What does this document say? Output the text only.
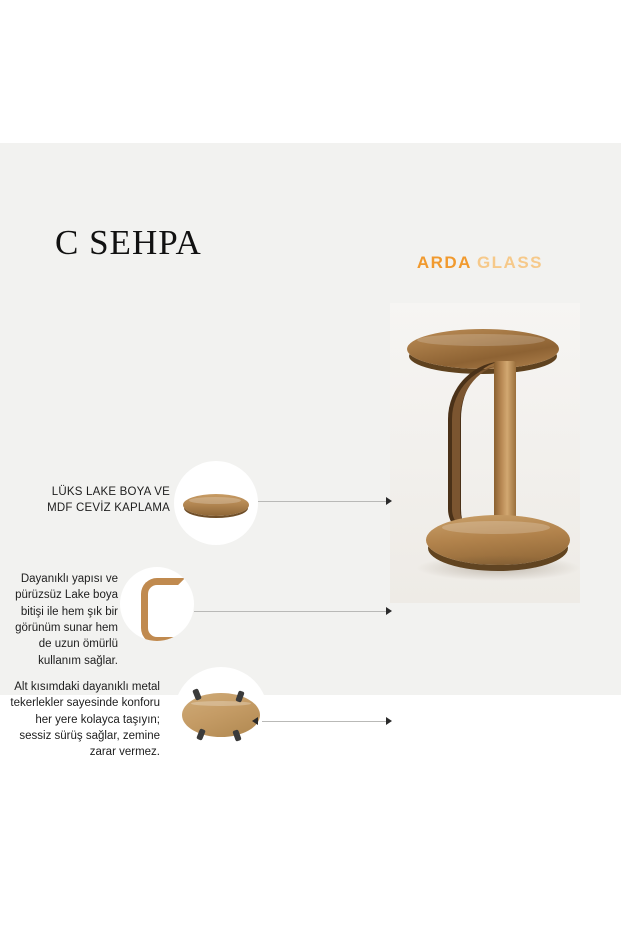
C SEHPA
ARDA GLASS
LÜKS LAKE BOYA VE
MDF CEVİZ KAPLAMA
Dayanıklı yapısı ve pürüzsüz Lake boya bitişi ile hem şık bir görünüm sunar hem de uzun ömürlü kullanım sağlar.
Alt kısımdaki dayanıklı metal tekerlekler sayesinde konforu her yere kolayca taşıyın; sessiz sürüş sağlar, zemine zarar vermez.
